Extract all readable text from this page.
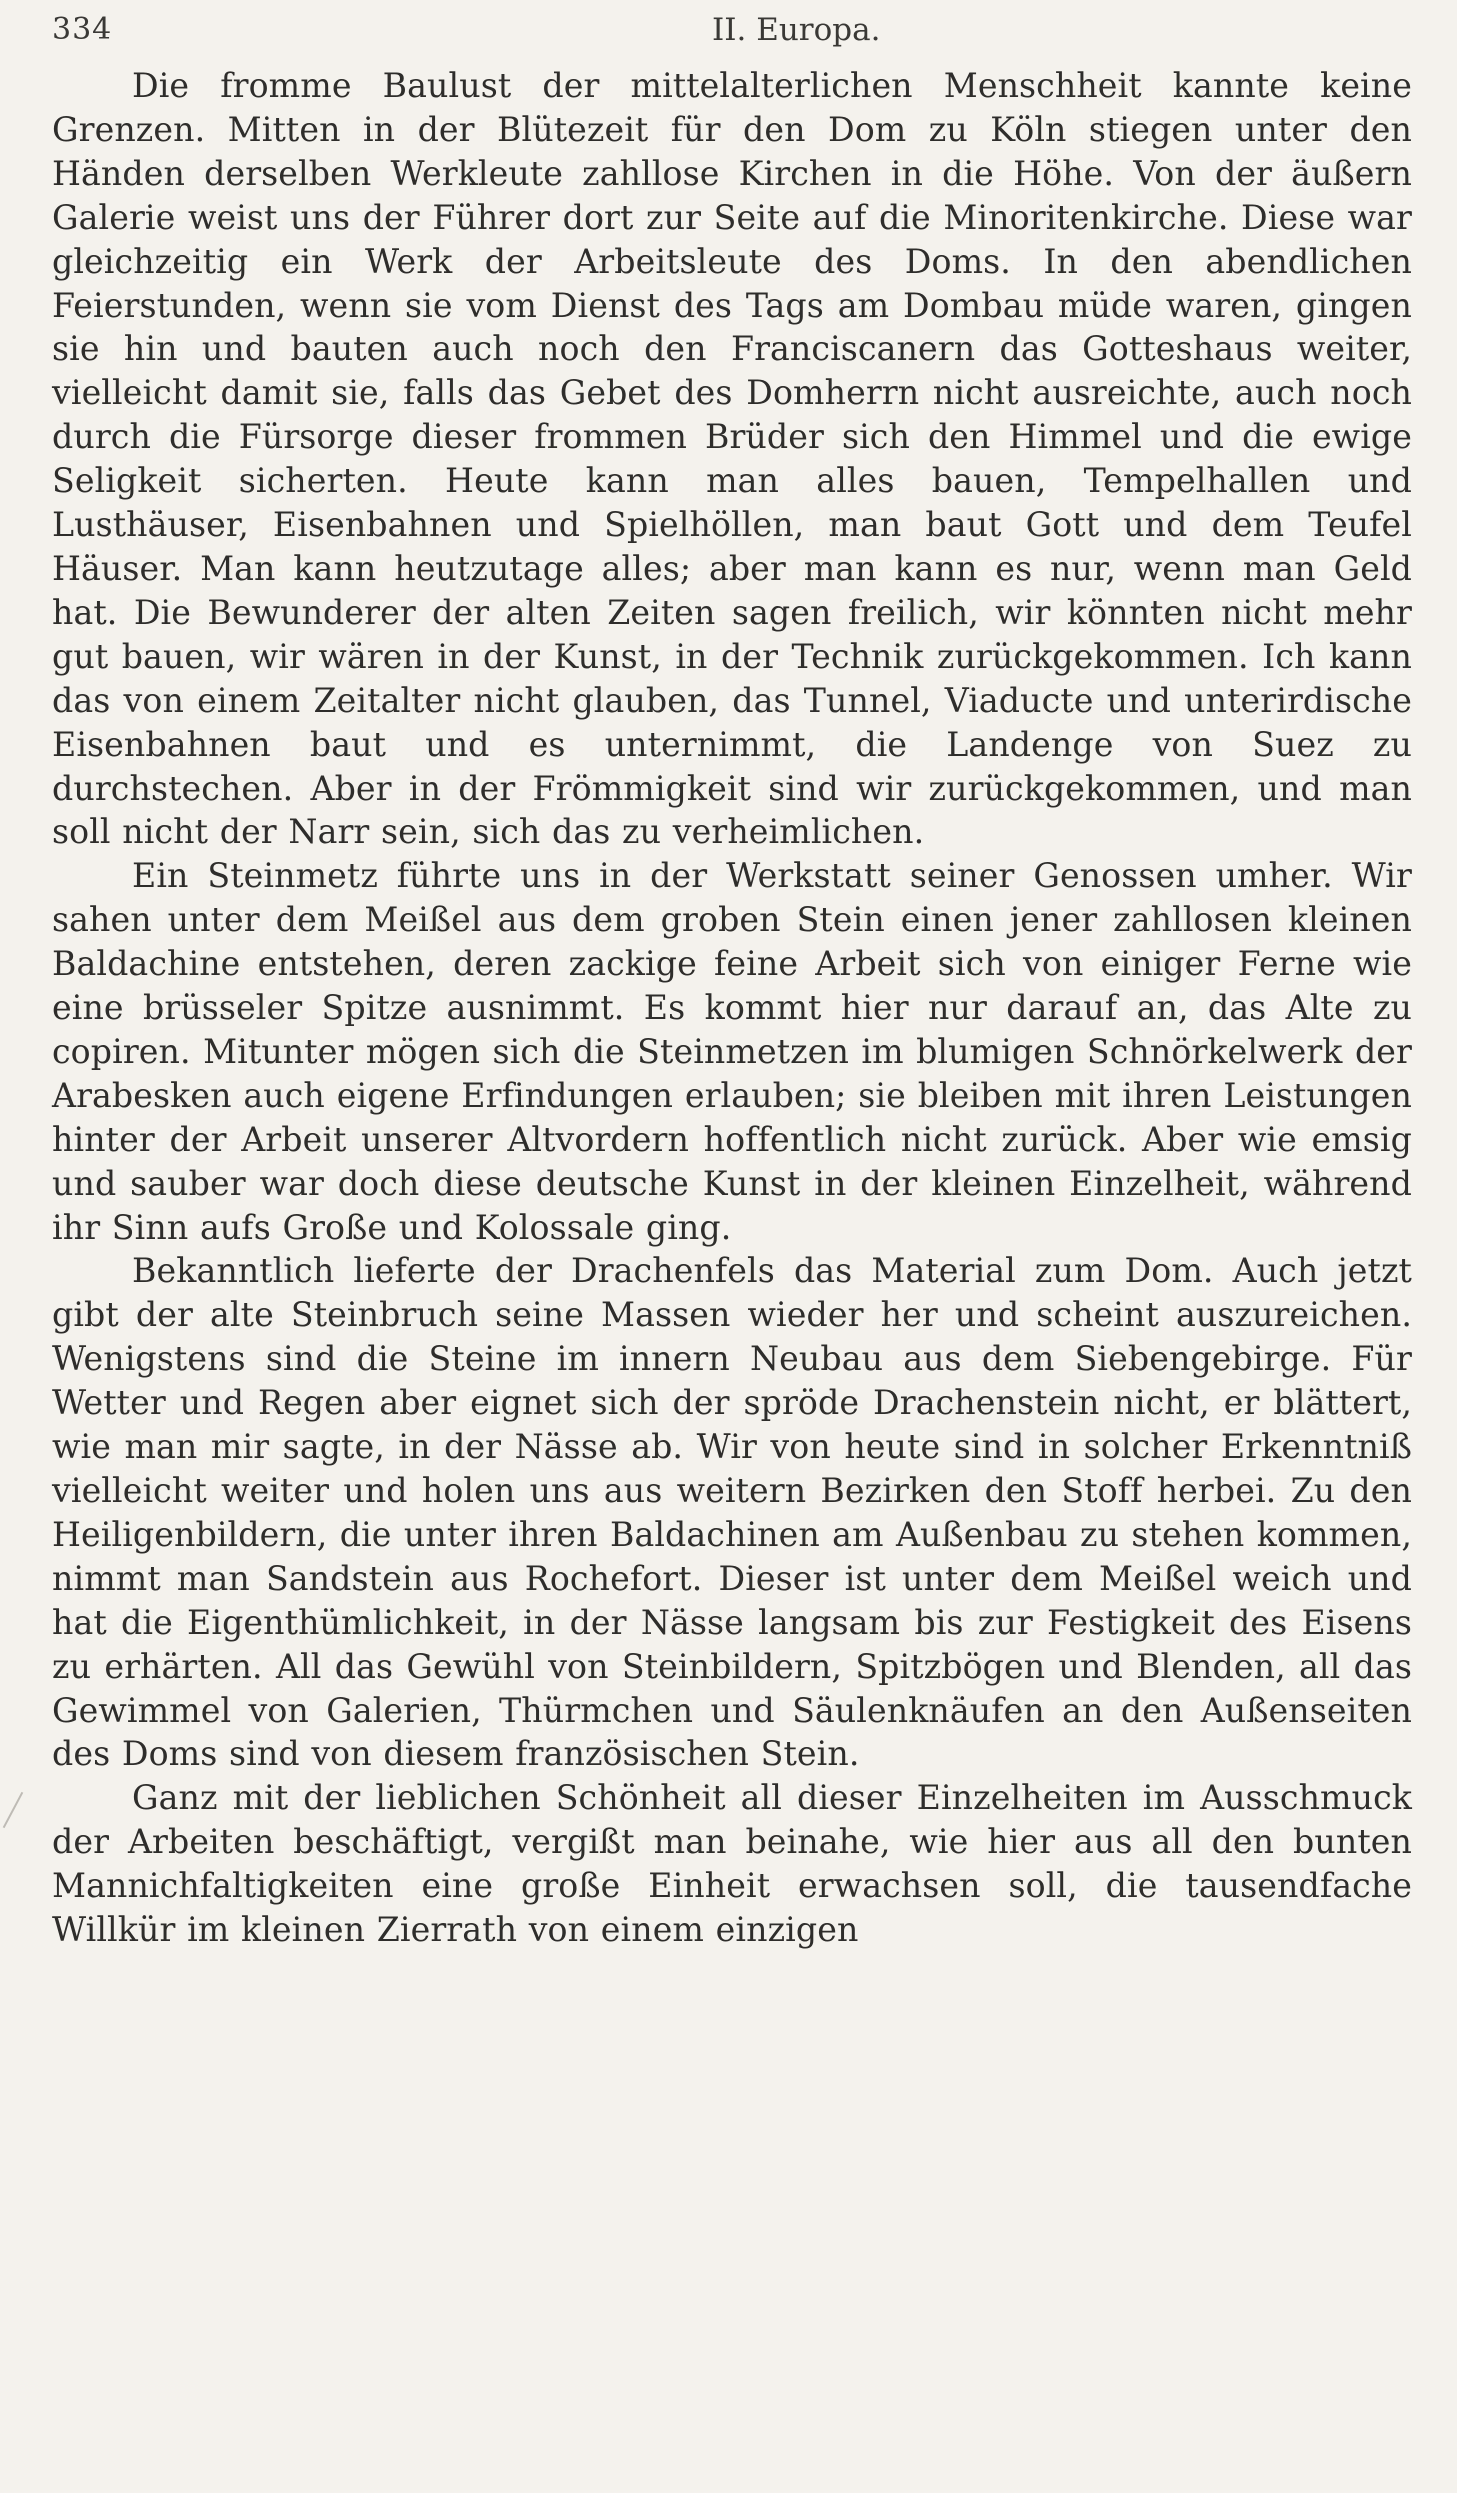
334	II. Europa.

Die fromme Baulust der mittelalterlichen Menschheit kannte keine Grenzen. Mitten in der Blütezeit für den Dom zu Köln stiegen unter den Händen derselben Werkleute zahllose Kirchen in die Höhe. Von der äußern Galerie weist uns der Führer dort zur Seite auf die Minoritenkirche. Diese war gleichzeitig ein Werk der Arbeitsleute des Doms. In den abendlichen Feierstunden, wenn sie vom Dienst des Tags am Dombau müde waren, gingen sie hin und bauten auch noch den Franciscanern das Gotteshaus weiter, vielleicht damit sie, falls das Gebet des Domherrn nicht ausreichte, auch noch durch die Fürsorge dieser frommen Brüder sich den Himmel und die ewige Seligkeit sicherten. Heute kann man alles bauen, Tempelhallen und Lusthäuser, Eisenbahnen und Spielhöllen, man baut Gott und dem Teufel Häuser. Man kann heutzutage alles; aber man kann es nur, wenn man Geld hat. Die Bewunderer der alten Zeiten sagen freilich, wir könnten nicht mehr gut bauen, wir wären in der Kunst, in der Technik zurückgekommen. Ich kann das von einem Zeitalter nicht glauben, das Tunnel, Viaducte und unterirdische Eisenbahnen baut und es unternimmt, die Landenge von Suez zu durchstechen. Aber in der Frömmigkeit sind wir zurückgekommen, und man soll nicht der Narr sein, sich das zu verheimlichen.

Ein Steinmetz führte uns in der Werkstatt seiner Genossen umher. Wir sahen unter dem Meißel aus dem groben Stein einen jener zahllosen kleinen Baldachine entstehen, deren zackige feine Arbeit sich von einiger Ferne wie eine brüsseler Spitze ausnimmt. Es kommt hier nur darauf an, das Alte zu copiren. Mitunter mögen sich die Steinmetzen im blumigen Schnörkelwerk der Arabesken auch eigene Erfindungen erlauben; sie bleiben mit ihren Leistungen hinter der Arbeit unserer Altvordern hoffentlich nicht zurück. Aber wie emsig und sauber war doch diese deutsche Kunst in der kleinen Einzelheit, während ihr Sinn aufs Große und Kolossale ging.

Bekanntlich lieferte der Drachenfels das Material zum Dom. Auch jetzt gibt der alte Steinbruch seine Massen wieder her und scheint auszureichen. Wenigstens sind die Steine im innern Neubau aus dem Siebengebirge. Für Wetter und Regen aber eignet sich der spröde Drachenstein nicht, er blättert, wie man mir sagte, in der Nässe ab. Wir von heute sind in solcher Erkenntniß vielleicht weiter und holen uns aus weitern Bezirken den Stoff herbei. Zu den Heiligenbildern, die unter ihren Baldachinen am Außenbau zu stehen kommen, nimmt man Sandstein aus Rochefort. Dieser ist unter dem Meißel weich und hat die Eigenthümlichkeit, in der Nässe langsam bis zur Festigkeit des Eisens zu erhärten. All das Gewühl von Steinbildern, Spitzbögen und Blenden, all das Gewimmel von Galerien, Thürmchen und Säulenknäufen an den Außenseiten des Doms sind von diesem französischen Stein.

Ganz mit der lieblichen Schönheit all dieser Einzelheiten im Ausschmuck der Arbeiten beschäftigt, vergißt man beinahe, wie hier aus all den bunten Mannichfaltigkeiten eine große Einheit erwachsen soll, die tausendfache Willkür im kleinen Zierrath von einem einzigen
